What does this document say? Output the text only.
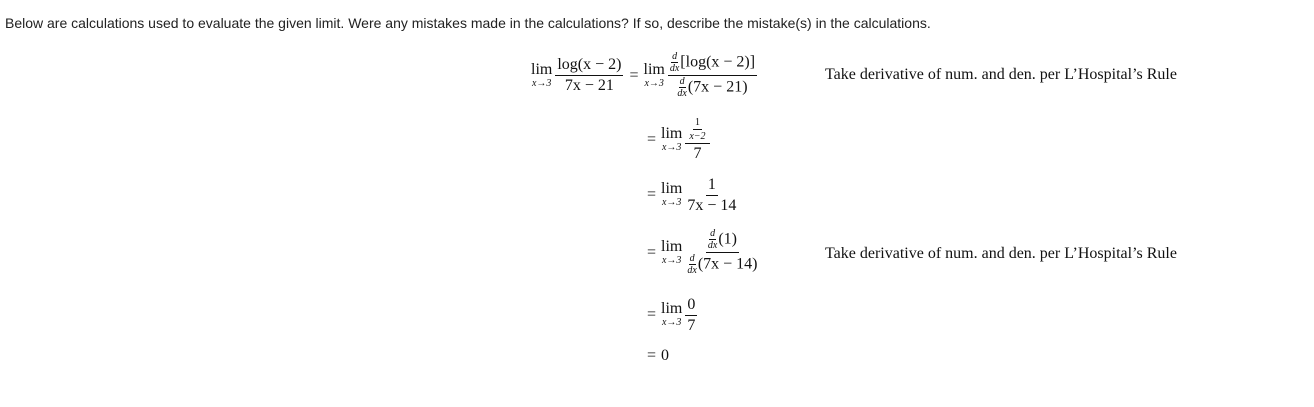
Below are calculations used to evaluate the given limit. Were any mistakes made in the calculations? If so, describe the mistake(s) in the calculations.
lim
$x\to 3 \frac{\log(x - 2)}{7x - 21} = \lim$
$x\to 3 \frac{\frac{d}{dx} [\log(x - 2)]}{\frac{d}{dx} (7x - 21)}$	Take derivative of num. and den. per L’Hospital’s Rule
= lim
$x\to 3 \frac{\frac{1}{x-2}}{7}$
= lim
$x\to 3 \frac{1}{7x - 14}$
= lim
$x\to 3 \frac{\frac{d}{dx} (1)}{\frac{d}{dx} (7x - 14)}$	Take derivative of num. and den. per L’Hospital’s Rule
= lim
$x\to 3 \frac{0}{7}$
= 0
